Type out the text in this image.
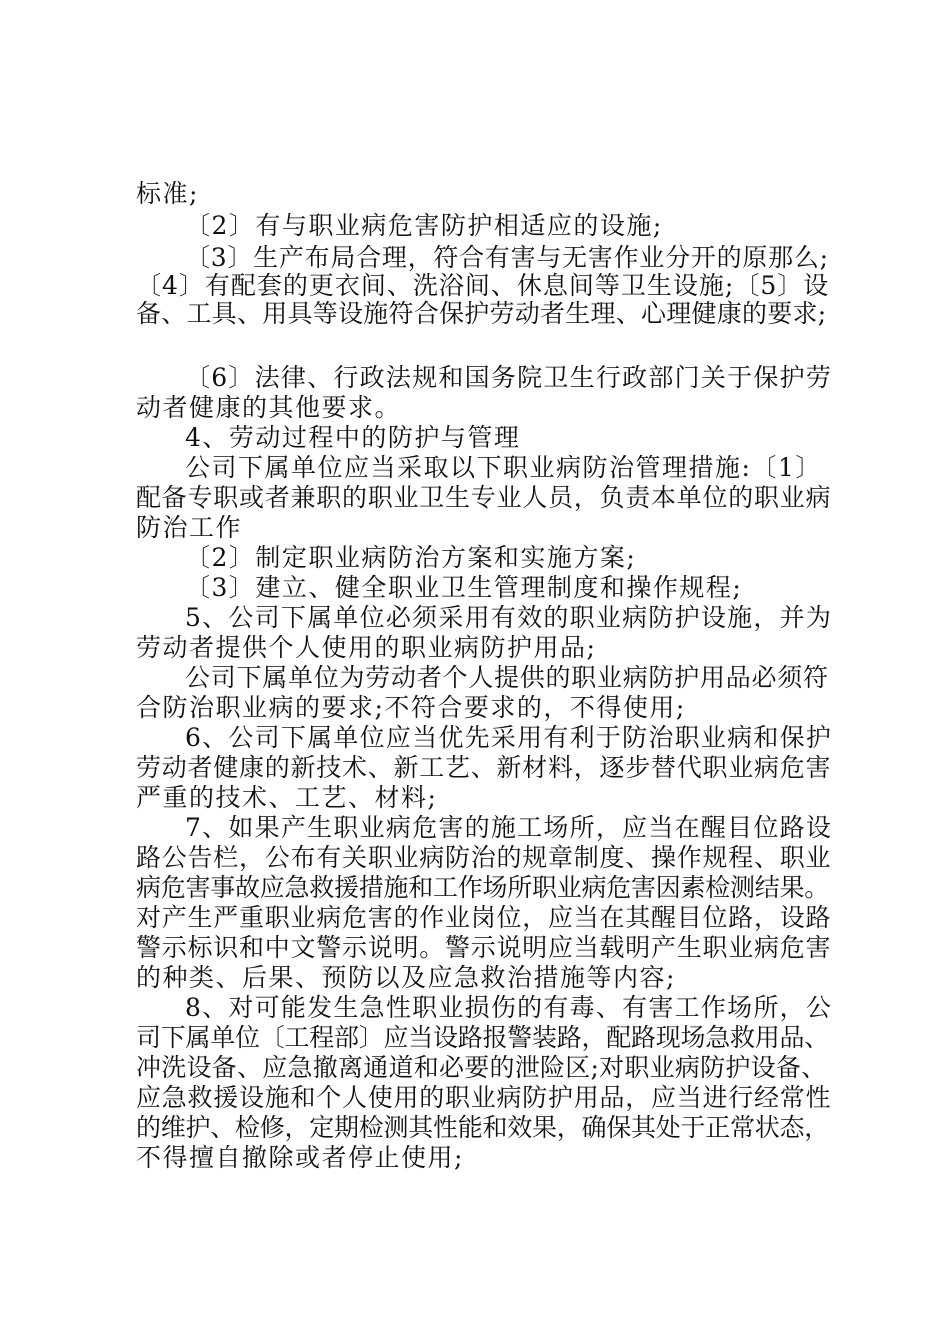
标准;
〔2〕有与职业病危害防护相适应的设施;
〔3〕生产布局合理，符合有害与无害作业分开的原那么;
〔4〕有配套的更衣间、洗浴间、休息间等卫生设施;〔5〕设
备、工具、用具等设施符合保护劳动者生理、心理健康的要求;
〔6〕法律、行政法规和国务院卫生行政部门关于保护劳
动者健康的其他要求。
4、劳动过程中的防护与管理
公司下属单位应当采取以下职业病防治管理措施:〔1〕
配备专职或者兼职的职业卫生专业人员，负责本单位的职业病
防治工作
〔2〕制定职业病防治方案和实施方案;
〔3〕建立、健全职业卫生管理制度和操作规程;
5、公司下属单位必须采用有效的职业病防护设施，并为
劳动者提供个人使用的职业病防护用品;
公司下属单位为劳动者个人提供的职业病防护用品必须符
合防治职业病的要求;不符合要求的，不得使用;
6、公司下属单位应当优先采用有利于防治职业病和保护
劳动者健康的新技术、新工艺、新材料，逐步替代职业病危害
严重的技术、工艺、材料;
7、如果产生职业病危害的施工场所，应当在醒目位路设
路公告栏，公布有关职业病防治的规章制度、操作规程、职业
病危害事故应急救援措施和工作场所职业病危害因素检测结果。
对产生严重职业病危害的作业岗位，应当在其醒目位路，设路
警示标识和中文警示说明。警示说明应当载明产生职业病危害
的种类、后果、预防以及应急救治措施等内容;
8、对可能发生急性职业损伤的有毒、有害工作场所，公
司下属单位〔工程部〕应当设路报警装路，配路现场急救用品、
冲洗设备、应急撤离通道和必要的泄险区;对职业病防护设备、
应急救援设施和个人使用的职业病防护用品，应当进行经常性
的维护、检修，定期检测其性能和效果，确保其处于正常状态，
不得擅自撤除或者停止使用;
